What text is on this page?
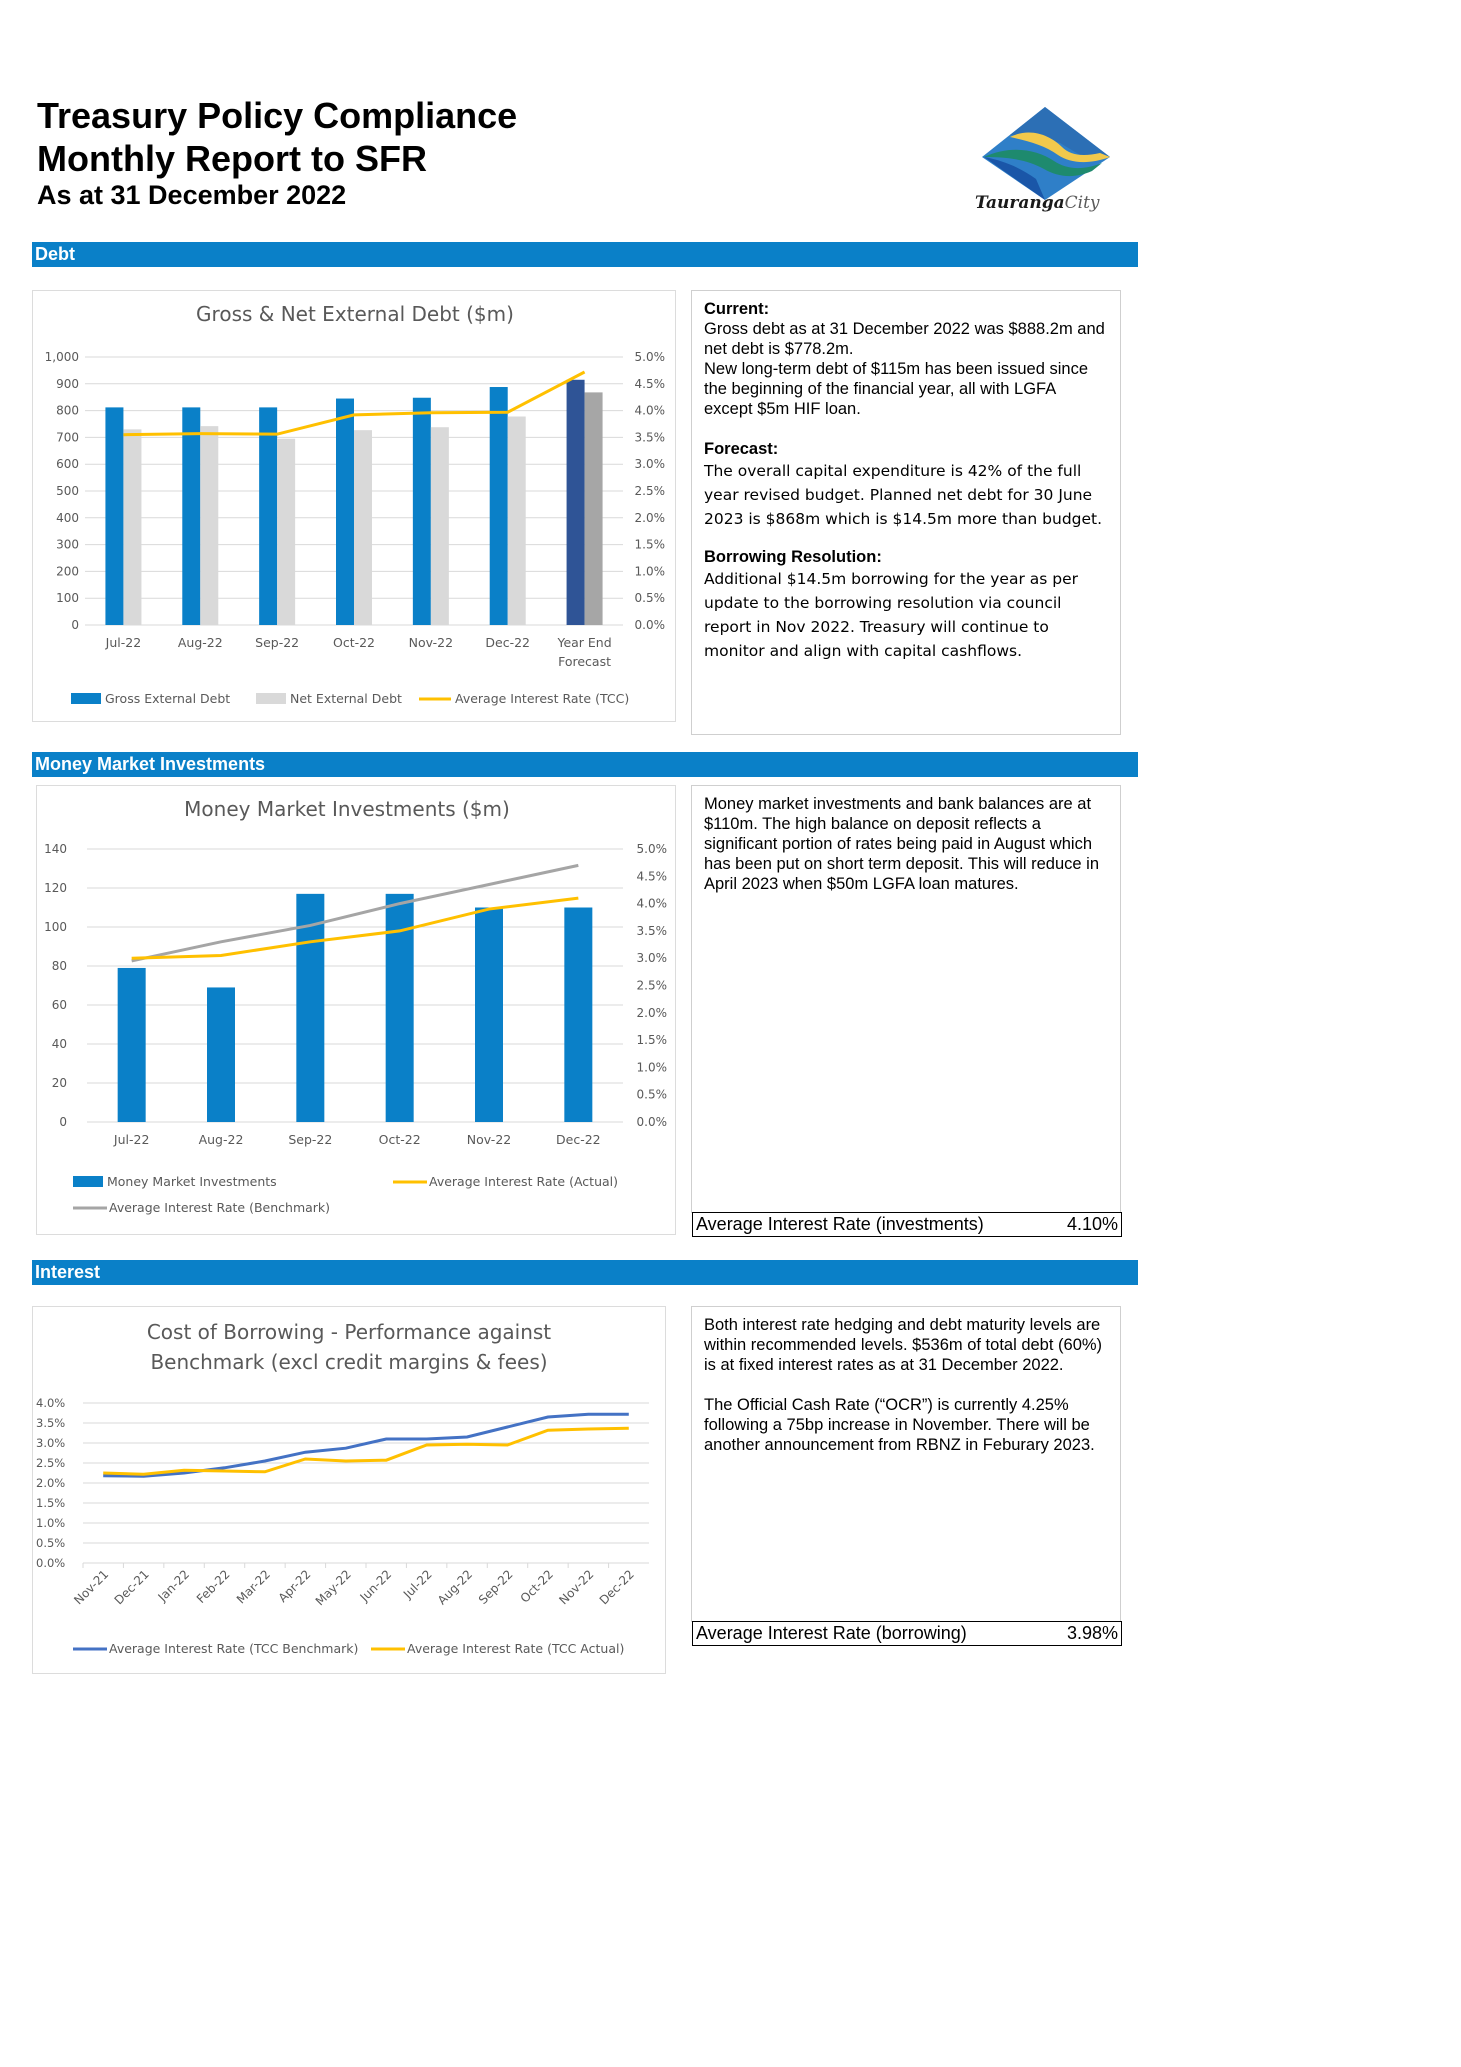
Treasury Policy Compliance
Monthly Report to SFR
As at 31 December 2022	TaurangaCity
Debt
Money Market Investments
Interest
Gross & Net External Debt ($m)
0
100
200
300
400
500
600
700
800
900
1,000
0.0%
0.5%
1.0%
1.5%
2.0%
2.5%
3.0%
3.5%
4.0%
4.5%
5.0%
Jul-22	Aug-22	Sep-22	Oct-22	Nov-22	Dec-22 Year End
Forecast
Gross External Debt	Net External Debt	Average Interest Rate (TCC)
Money Market Investments ($m)
0
20
40
60
80
100
120
140
0.0%
0.5%
1.0%
1.5%
2.0%
2.5%
3.0%
3.5%
4.0%
4.5%
5.0%
Jul-22	Aug-22	Sep-22	Oct-22	Nov-22	Dec-22
Money Market Investments	Average Interest Rate (Actual)
Average Interest Rate (Benchmark)
Cost of Borrowing - Performance against
Benchmark (excl credit margins & fees)
0.0%
0.5%
1.0%
1.5%
2.0%
2.5%
3.0%
3.5%
4.0%
Nov-21 Dec-21 Jan-22 Feb-22 Mar-22 Apr-22 May-22 Jun-22 Jul-22 Aug-22 Sep-22 Oct-22 Nov-22 Dec-22
Average Interest Rate (TCC Benchmark)	Average Interest Rate (TCC Actual)

Current:

Gross debt as at 31 December 2022 was $888.2m and net debt is $778.2m.

New long-term debt of $115m has been issued since the beginning of the financial year, all with LGFA except $5m HIF loan.

Forecast:

The overall capital expenditure is 42% of the full year revised budget. Planned net debt for 30 June 2023 is $868m which is $14.5m more than budget.

Borrowing Resolution:

Additional $14.5m borrowing for the year as per update to the borrowing resolution via council report in Nov 2022. Treasury will continue to monitor and align with capital cashflows.

Money market investments and bank balances are at $110m. The high balance on deposit reflects a significant portion of rates being paid in August which has been put on short term deposit. This will reduce in April 2023 when $50m LGFA loan matures.

Average Interest Rate (investments)	4.10%

Both interest rate hedging and debt maturity levels are within recommended levels. $536m of total debt (60%) is at fixed interest rates as at 31 December 2022.

The Official Cash Rate (“OCR”) is currently 4.25% following a 75bp increase in November. There will be another announcement from RBNZ in Feburary 2023.

Average Interest Rate (borrowing)	3.98%
